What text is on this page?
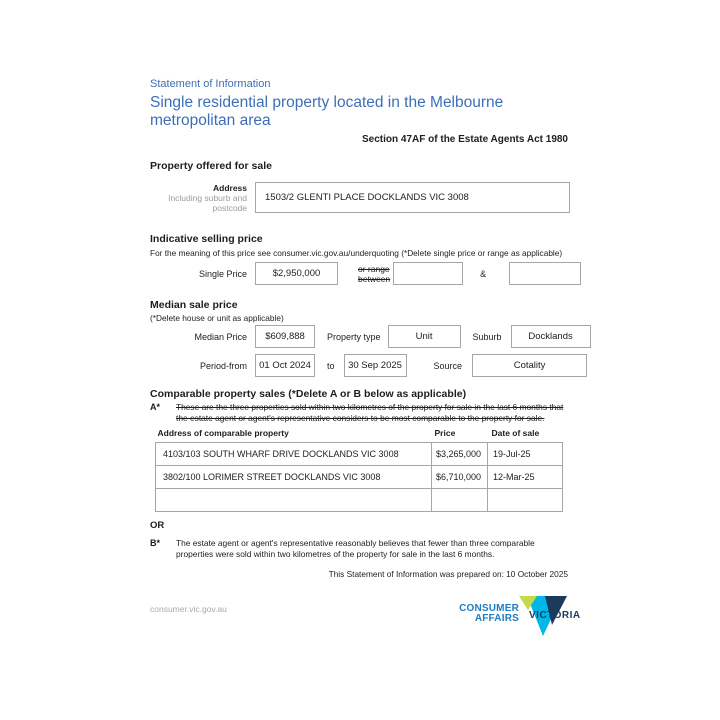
Statement of Information
Single residential property located in the Melbourne metropolitan area
Section 47AF of the Estate Agents Act 1980
Property offered for sale
Address
Including suburb and postcode
1503/2 GLENTI PLACE DOCKLANDS VIC 3008
Indicative selling price
For the meaning of this price see consumer.vic.gov.au/underquoting (*Delete single price or range as applicable)
Single Price	$2,950,000	or range
between	&
Median sale price
(*Delete house or unit as applicable)
Median Price $609,888 Property type	Unit	Suburb	Docklands
Period-from 01 Oct 2024 to 30 Sep 2025	Source	Cotality
Comparable property sales (*Delete A or B below as applicable)
A*	These are the three properties sold within two kilometres of the property for sale in the last 6 months that the estate agent or agent's representative considers to be most comparable to the property for sale.
Address of comparable property	Price	Date of sale
4103/103 SOUTH WHARF DRIVE DOCKLANDS VIC 3008	$3,265,000	19-Jul-25
3802/100 LORIMER STREET DOCKLANDS VIC 3008	$6,710,000	12-Mar-25

OR
B*	The estate agent or agent's representative reasonably believes that fewer than three comparable properties were sold within two kilometres of the property for sale in the last 6 months.
This Statement of Information was prepared on: 10 October 2025
consumer.vic.gov.au	CONSUMER
AFFAIRS VICTORIA
